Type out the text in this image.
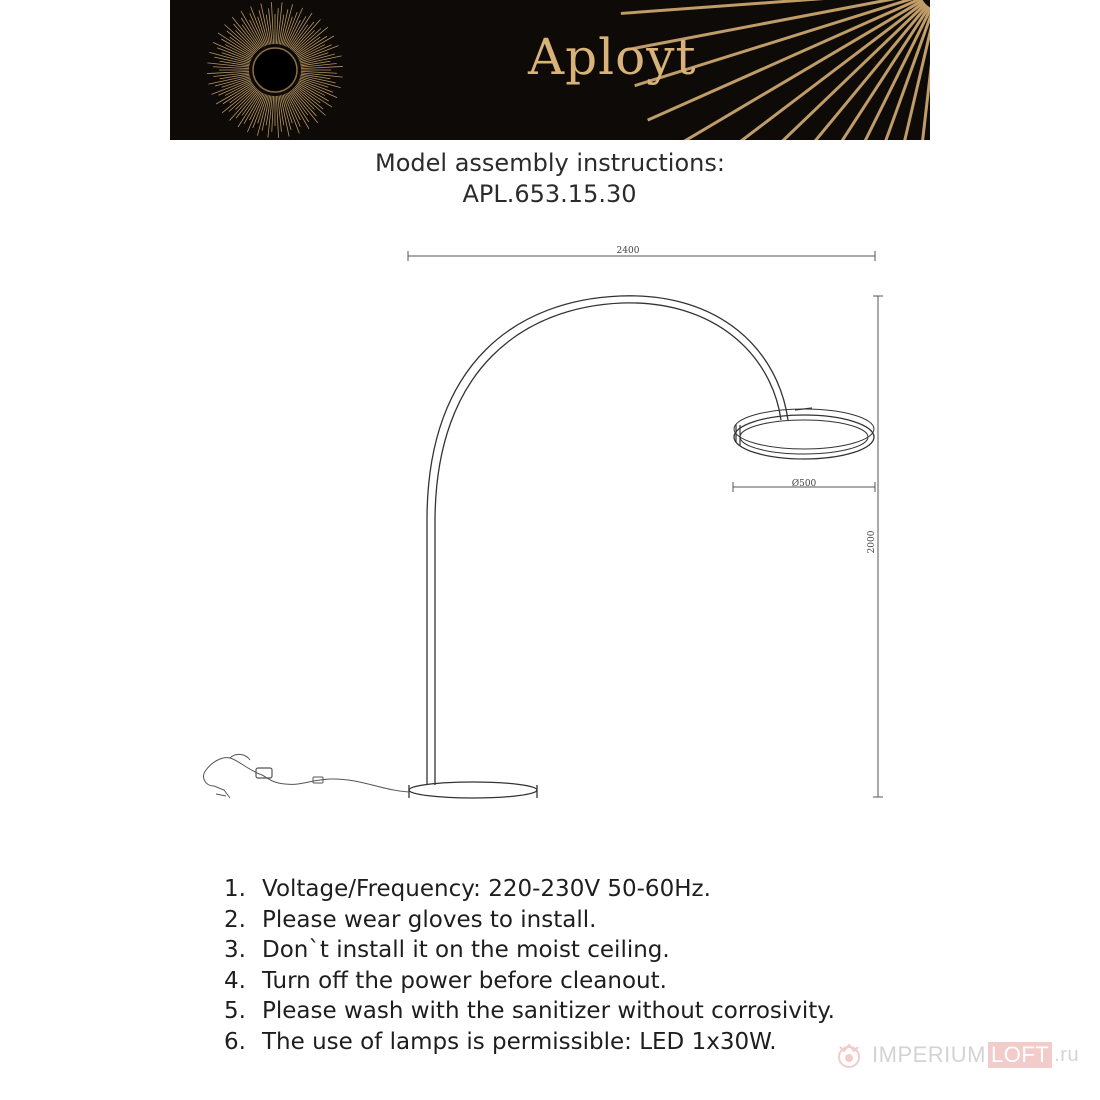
Aployt
Model assembly instructions:
APL.653.15.30
2400
2000
Ø500
1. Voltage/Frequency: 220-230V 50-60Hz.
2. Please wear gloves to install.
3. Don`t install it on the moist ceiling.
4. Turn off the power before cleanout.
5. Please wash with the sanitizer without corrosivity.
6. The use of lamps is permissible: LED 1x30W.	IMPERIUM LOFT .ru
